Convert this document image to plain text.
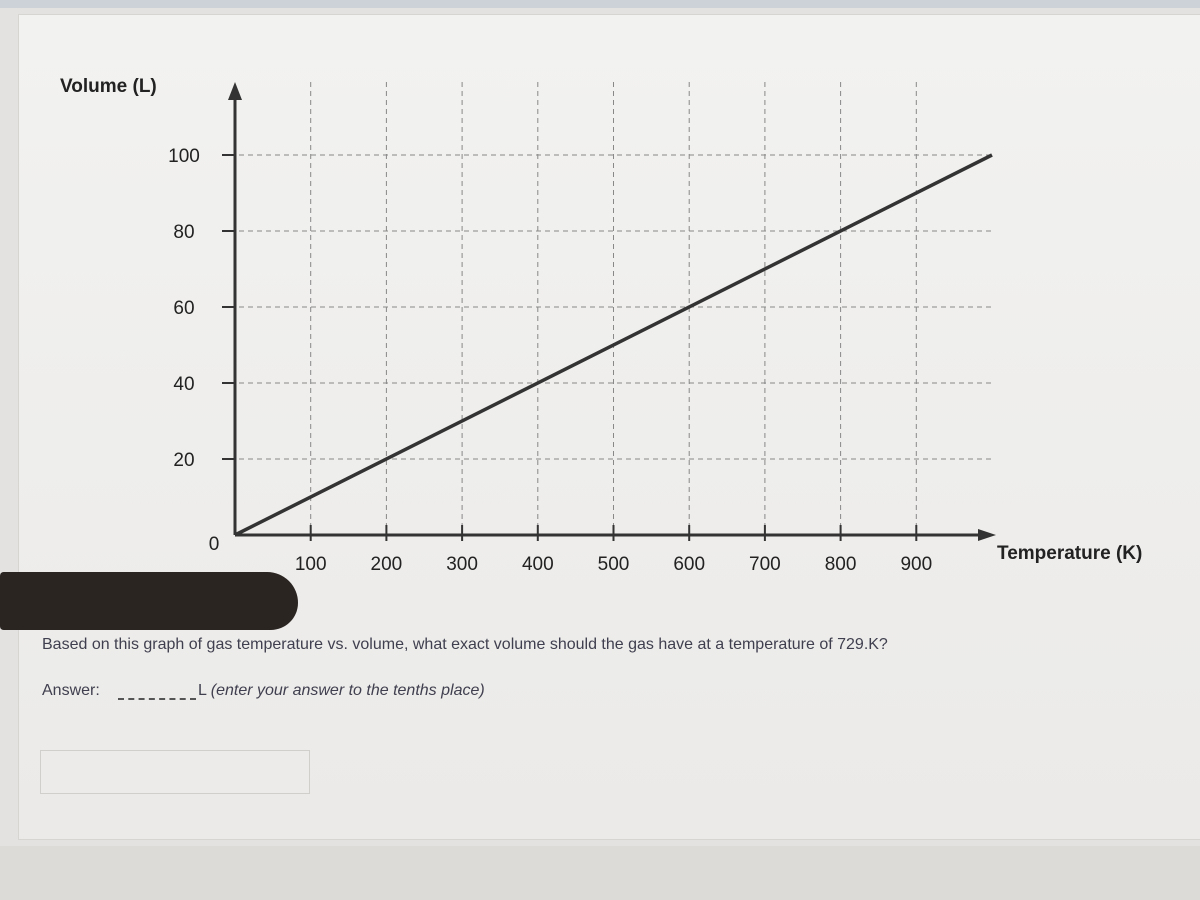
100 200 300 400 500 600 700 800 900
20
40
60
80
100
0
Volume (L)
Temperature (K)
Based on this graph of gas temperature vs. volume, what exact volume should the gas have at a temperature of 729.K?
Answer:	L (enter your answer to the tenths place)
